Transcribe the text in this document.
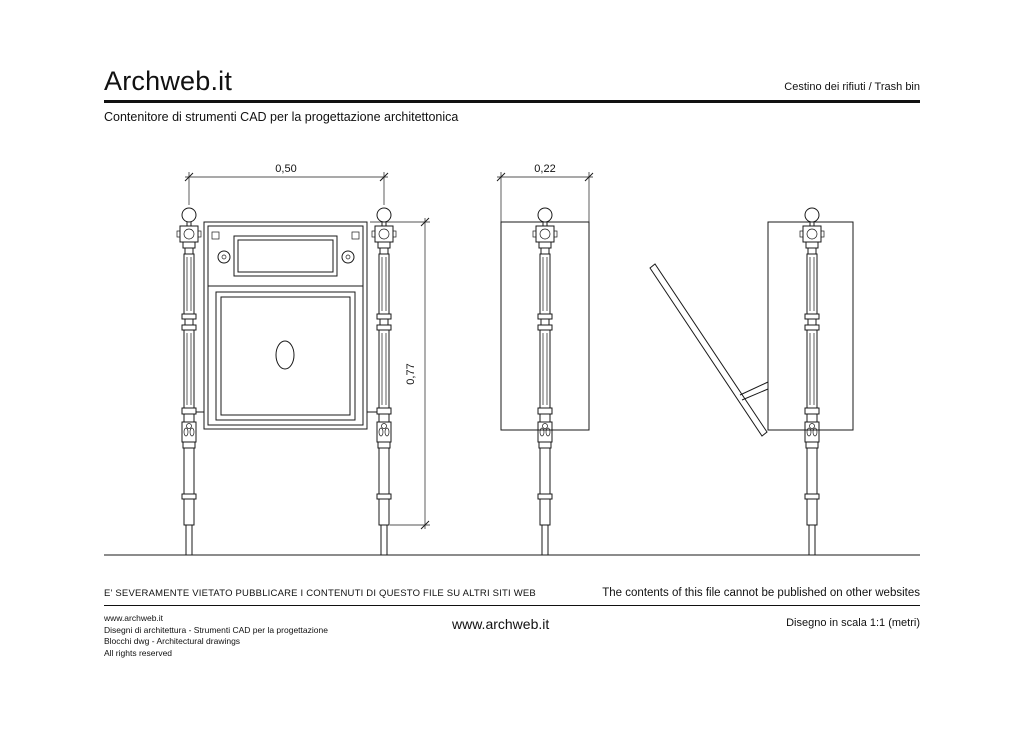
Archweb.it	Cestino dei rifiuti / Trash bin
Contenitore di strumenti CAD per la progettazione architettonica
0,50	0,22
0,77
E' SEVERAMENTE VIETATO PUBBLICARE I CONTENUTI DI QUESTO FILE SU ALTRI SITI WEB	The contents of this file cannot be published on other websites
www.archweb.it
Disegni di architettura - Strumenti CAD per la progettazione
Blocchi dwg - Architectural drawings
All rights reserved
www.archweb.it	Disegno in scala 1:1 (metri)
